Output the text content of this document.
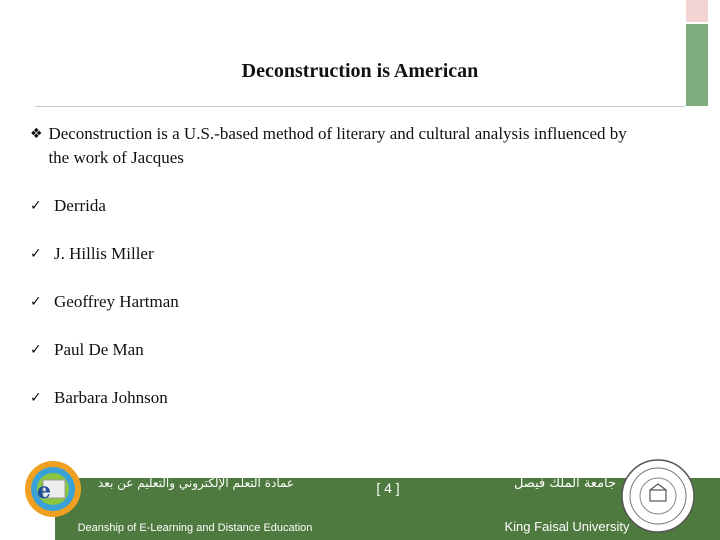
Deconstruction is American
❖ Deconstruction is a U.S.-based method of literary and cultural analysis influenced by the work of Jacques
✓ Derrida
✓ J. Hillis Miller
✓ Geoffrey Hartman
✓ Paul De Man
✓ Barbara Johnson
e	عمادة التعلم الإلكتروني والتعليم عن بعد
Deanship of E-Learning and Distance Education
[ 4 ]	جامعة الملك فيصل
King Faisal University
